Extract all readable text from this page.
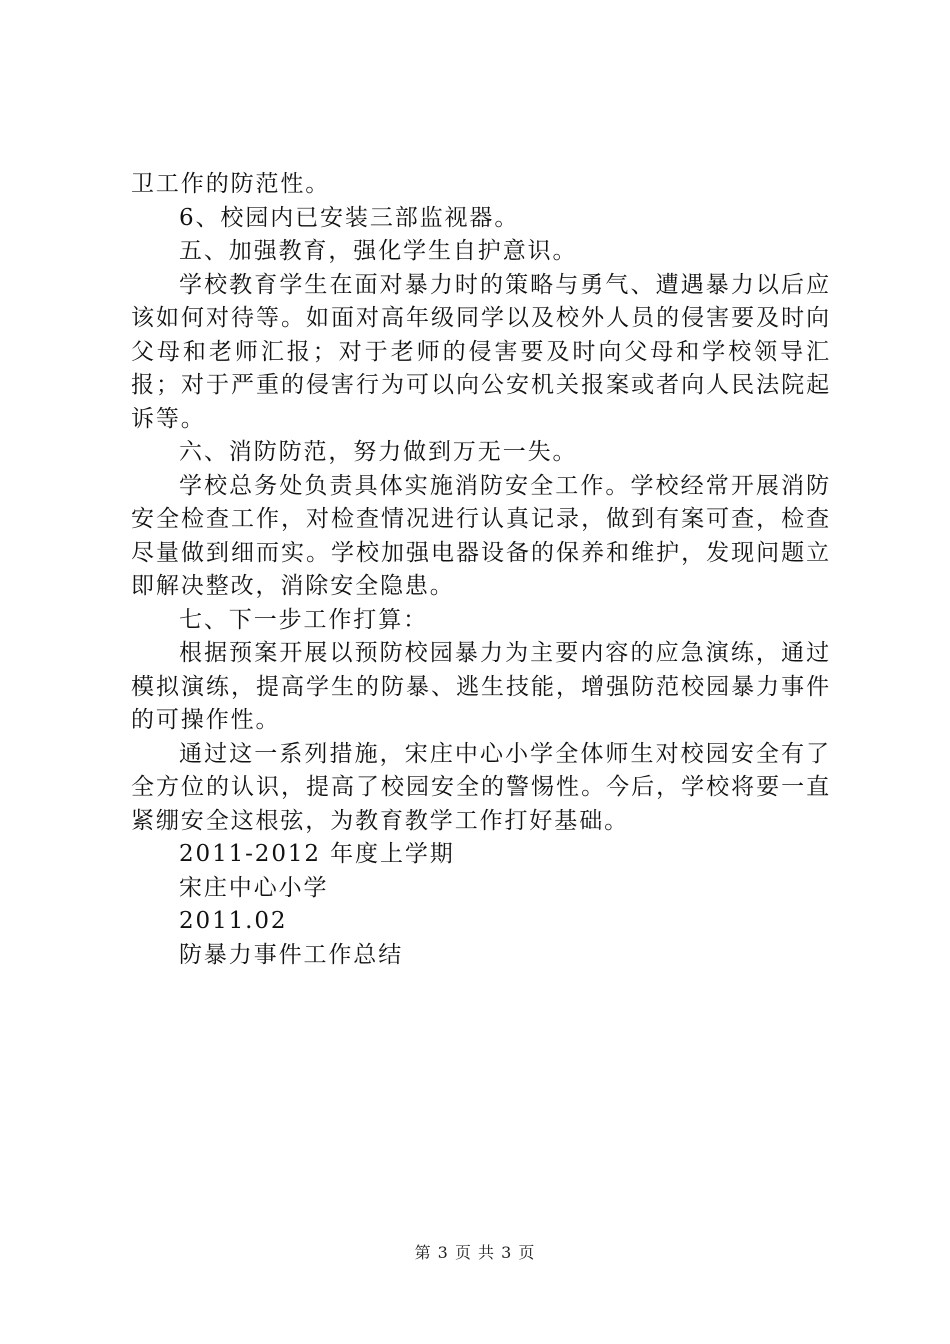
卫工作的防范性。

6、校园内已安装三部监视器。

五、加强教育，强化学生自护意识。

学校教育学生在面对暴力时的策略与勇气、遭遇暴力以后应该如何对待等。如面对高年级同学以及校外人员的侵害要及时向父母和老师汇报；对于老师的侵害要及时向父母和学校领导汇报；对于严重的侵害行为可以向公安机关报案或者向人民法院起诉等。

六、消防防范，努力做到万无一失。

学校总务处负责具体实施消防安全工作。学校经常开展消防安全检查工作，对检查情况进行认真记录，做到有案可查，检查尽量做到细而实。学校加强电器设备的保养和维护，发现问题立即解决整改，消除安全隐患。

七、下一步工作打算：

根据预案开展以预防校园暴力为主要内容的应急演练，通过模拟演练，提高学生的防暴、逃生技能，增强防范校园暴力事件的可操作性。

通过这一系列措施，宋庄中心小学全体师生对校园安全有了全方位的认识，提高了校园安全的警惕性。今后，学校将要一直紧绷安全这根弦，为教育教学工作打好基础。

2011-2012 年度上学期

宋庄中心小学

2011.02

防暴力事件工作总结

第 3 页 共 3 页
